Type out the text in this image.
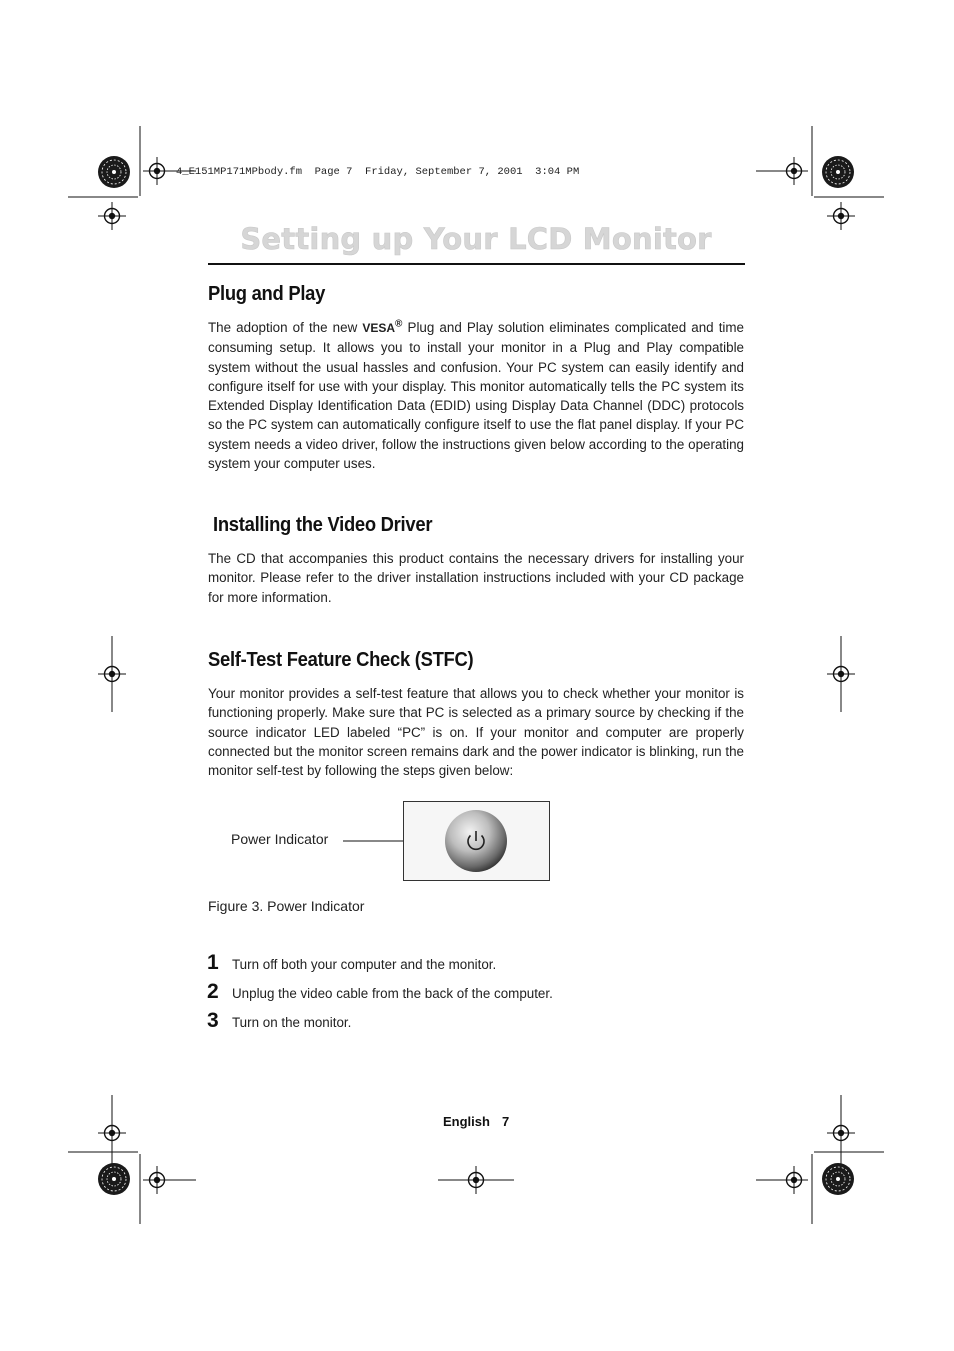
4_E151MP171MPbody.fm  Page 7  Friday, September 7, 2001  3:04 PM
Setting up Your LCD Monitor
Plug and Play

The adoption of the new VESA® Plug and Play solution eliminates complicated and time consuming setup. It allows you to install your monitor in a Plug and Play compatible system without the usual hassles and confusion. Your PC system can easily identify and configure itself for use with your display. This monitor automatically tells the PC system its Extended Display Identification Data (EDID) using Display Data Channel (DDC) protocols so the PC system can automatically configure itself to use the flat panel display. If your PC system needs a video driver, follow the instructions given below according to the operating system your computer uses.

Installing the Video Driver

The CD that accompanies this product contains the necessary drivers for installing your monitor. Please refer to the driver installation instructions included with your CD package for more information.

Self-Test Feature Check (STFC)

Your monitor provides a self-test feature that allows you to check whether your monitor is functioning properly. Make sure that PC is selected as a primary source by checking if the source indicator LED labeled “PC” is on. If your monitor and computer are properly connected but the monitor screen remains dark and the power indicator is blinking, run the monitor self-test by following the steps given below:

Power Indicator
Figure 3. Power Indicator
1 Turn off both your computer and the monitor.
2 Unplug the video cable from the back of the computer.
3 Turn on the monitor.
English 7
